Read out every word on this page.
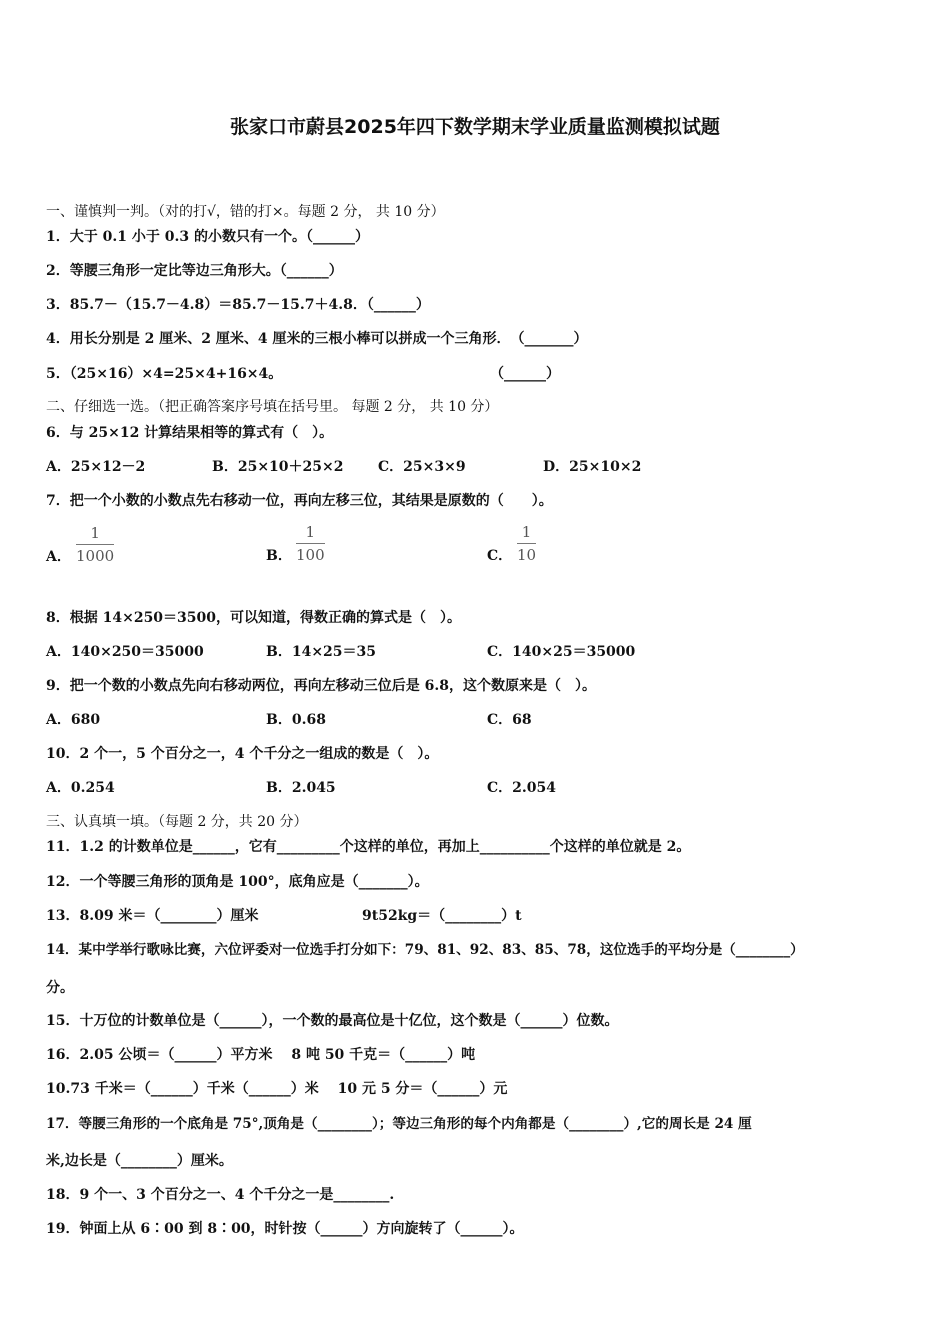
张家口市蔚县2025年四下数学期末学业质量监测模拟试题
一、谨慎判一判。（对的打√，错的打×。每题 2 分， 共 10 分）
1．大于 0.1 小于 0.3 的小数只有一个。（______）
2．等腰三角形一定比等边三角形大。（______）
3．85.7－（15.7－4.8）＝85.7－15.7＋4.8．（______）
4．用长分别是 2 厘米、2 厘米、4 厘米的三根小棒可以拼成一个三角形．　（_______）
5．（25×16）×4=25×4+16×4。	（______）
二、仔细选一选。（把正确答案序号填在括号里。 每题 2 分， 共 10 分）
6．与 25×12 计算结果相等的算式有（　）。
A．25×12－2	B．25×10＋25×2 C．25×3×9	D．25×10×2
7．把一个小数的小数点先右移动一位，再向左移三位，其结果是原数的（　　）。
A．
1
1000	B．
1
100	C．
1
10
8．根据 14×250＝3500，可以知道，得数正确的算式是（　）。
A．140×250＝35000	B．14×25＝35	C．140×25＝35000
9．把一个数的小数点先向右移动两位，再向左移动三位后是 6.8，这个数原来是（　）。
A．680	B．0.68	C．68
10．2 个一，5 个百分之一，4 个千分之一组成的数是（　）。
A．0.254	B．2.045	C．2.054
三、认真填一填。（每题 2 分，共 20 分）
11．1.2 的计数单位是______，它有_________个这样的单位，再加上__________个这样的单位就是 2。
12．一个等腰三角形的顶角是 100°，底角应是（_______）。
13．8.09 米＝（________）厘米	9t52kg＝（________）t
14．某中学举行歌咏比赛，六位评委对一位选手打分如下：79、81、92、83、85、78，这位选手的平均分是（________）
分。
15．十万位的计数单位是（______），一个数的最高位是十亿位，这个数是（______）位数。
16．2.05 公顷＝（______）平方米　 8 吨 50 千克＝（______）吨
10.73 千米＝（______）千米（______）米　 10 元 5 分＝（______）元
17．等腰三角形的一个底角是 75°,顶角是（________）；等边三角形的每个内角都是（________）,它的周长是 24 厘
米,边长是（________）厘米。
18．9 个一、3 个百分之一、4 个千分之一是________.
19．钟面上从 6∶00 到 8∶00，时针按（______）方向旋转了（______）。
